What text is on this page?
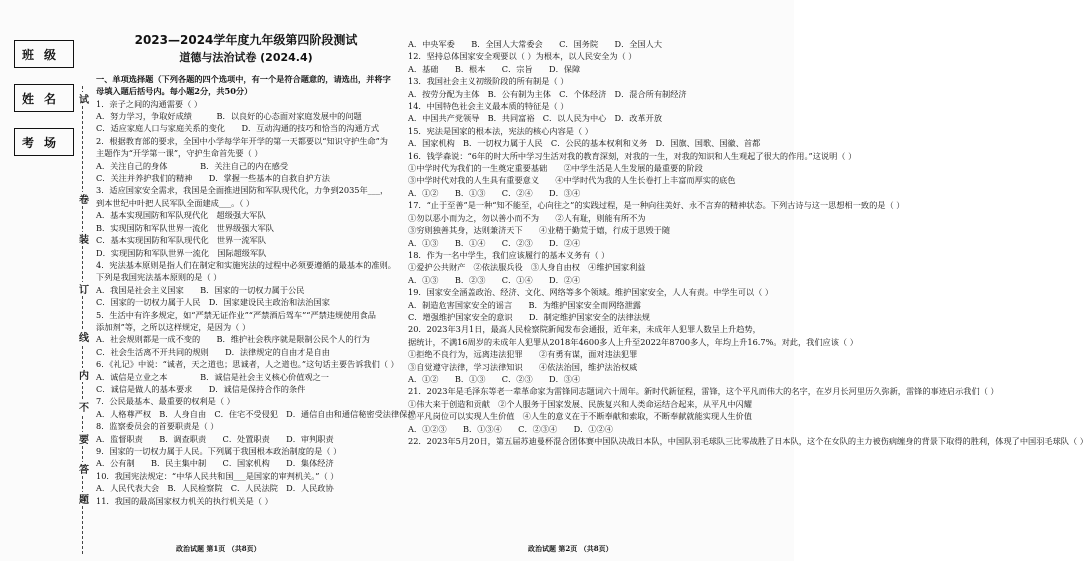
班级
姓名
考场
试
卷
装
订
线
内
不
要
答
题
2023—2024学年度九年级第四阶段测试
道德与法治试卷 (2024.4)
一、单项选择题（下列各题的四个选项中，有一个是符合题意的，请选出，并将字母填入题后括号内。每小题2分，共50分）
1．亲子之间的沟通需要（ ）
A．努力学习，争取好成绩　　　B．以良好的心态面对家庭发展中的问题
C．适应家庭人口与家庭关系的变化　　D．互动沟通的技巧和恰当的沟通方式
2．根据教育部的要求，全国中小学每学年开学的第一天都要以“知识守护生命”为
主题作为“开学第一课”，守护生命首先要（ ）
A．关注自己的身体　　　　B．关注自己的内在感受
C．关注并养护我们的精神　　D．掌握一些基本的自救自护方法
3．适应国家安全需求，我国是全面推进国防和军队现代化，力争到2035年___，
到本世纪中叶把人民军队全面建成___。（ ）
A．基本实现国防和军队现代化　超级强大军队
B．实现国防和军队世界一流化　世界级强大军队
C．基本实现国防和军队现代化　世界一流军队
D．实现国防和军队世界一流化　国际超级军队
4．宪法基本原则是指人们在制定和实施宪法的过程中必须要遵循的最基本的准则。
下列是我国宪法基本原则的是（ ）
A．我国是社会主义国家　　B．国家的一切权力属于公民
C．国家的一切权力属于人民　D．国家建设民主政治和法治国家
5．生活中有许多规定，如“严禁无证作业”“严禁酒后驾车”“严禁违规使用食品
添加剂”等，之所以这样规定，是因为（ ）
A．社会规则都是一成不变的　　B．维护社会秩序就是限制公民个人的行为
C．社会生活离不开共同的规则　　D．法律规定的自由才是自由
6．《礼记》中说：“诚者，天之道也；思诚者，人之道也。”这句话主要告诉我们（ ）
A．诚信是立业之本　　　　B．诚信是社会主义核心价值观之一
C．诚信是做人的基本要求　　D．诚信是保持合作的条件
7．公民最基本、最重要的权利是（ ）
A．人格尊严权　B．人身自由　C．住宅不受侵犯　D．通信自由和通信秘密受法律保护
8．监察委员会的首要职责是（ ）
A．监督职责　　B．调查职责　　C．处置职责　　D．审判职责
9．国家的一切权力属于人民。下列属于我国根本政治制度的是（ ）
A．公有制　　B．民主集中制　　C．国家机构　　D．集体经济
10．我国宪法规定：“中华人民共和国___是国家的审判机关。”（ ）
A．人民代表大会　B．人民检察院　C．人民法院　D．人民政协
11．我国的最高国家权力机关的执行机关是（ ）
政治试题 第1页 （共8页）
A．中央军委　　B．全国人大常委会　　C．国务院　　D．全国人大
12．坚持总体国家安全观要以（ ）为根本，以人民安全为（ ）
A．基础　　B．根本　　C．宗旨　　D．保障
13．我国社会主义初级阶段的所有制是（ ）
A．按劳分配为主体　B．公有制为主体　C．个体经济　D．混合所有制经济
14．中国特色社会主义最本质的特征是（ ）
A．中国共产党领导　B．共同富裕　C．以人民为中心　D．改革开放
15．宪法是国家的根本法，宪法的核心内容是（ ）
A．国家机构　B．一切权力属于人民　C．公民的基本权利和义务　D．国旗、国歌、国徽、首都
16．钱学森说：“6年的时大所中学习生活对我的教育深刻，对我的一生，对我的知识和人生观起了很大的作用。”这说明（ ）
①中学时代为我们的一生奠定重要基础　　②中学生活是人生发展的最重要的阶段
③中学时代对我的人生具有重要意义　　④中学时代为我的人生长卷打上丰富而厚实的底色
A．①②　　B．①③　　C．②④　　D．③④
17．“止于至善”是一种“知不能至，心向往之”的实践过程，是一种向往美好、永不言弃的精神状态。下列古诗与这一思想相一致的是（ ）
①勿以恶小而为之，勿以善小而不为　　②人有耻，则能有所不为
③穷则独善其身，达则兼济天下　　④业精于勤荒于嬉，行成于思毁于随
A．①③　　B．①④　　C．②③　　D．②④
18．作为一名中学生，我们应该履行的基本义务有（ ）
①爱护公共财产　②依法服兵役　③人身自由权　④维护国家利益
A．①③　　B．②③　　C．①④　　D．②④
19．国家安全涵盖政治、经济、文化、网络等多个领域。维护国家安全，人人有责。中学生可以（ ）
A．制造危害国家安全的谣言　　B．为维护国家安全而网络泄露
C．增强维护国家安全的意识　　D．制定维护国家安全的法律法规
20．2023年3月1日，最高人民检察院新闻发布会通报，近年来，未成年人犯罪人数呈上升趋势，
据统计，不满16周岁的未成年人犯罪从2018年4600多人上升至2022年8700多人，年均上升16.7%。对此，我们应该（ ）
①拒绝不良行为，远离违法犯罪　　②有勇有谋，面对违法犯罪
③自觉遵守法律，学习法律知识　　④依法治国，维护法治权威
A．①②　　B．①③　　C．②③　　D．③④
21．2023年是毛泽东等老一辈革命家为雷锋同志题词六十周年。新时代新征程，雷锋，这个平凡而伟大的名字，在岁月长河里历久弥新，雷锋的事迹启示我们（ ）
①伟大来于创造和贡献　②个人服务于国家发展、民族复兴和人类命运结合起来，从平凡中闪耀
③平凡岗位可以实现人生价值　④人生的意义在于不断奉献和索取，不断奉献就能实现人生价值
A．①②③　　B．①③④　　C．②③④　　D．①②④
22．2023年5月20日，第五届苏迪曼杯混合团体赛中国队决战日本队，中国队羽毛球队三比零战胜了日本队，这个在女队的主力被伤病缠身的背景下取得的胜利，体现了中国羽毛球队（ ）
政治试题 第2页 （共8页）
